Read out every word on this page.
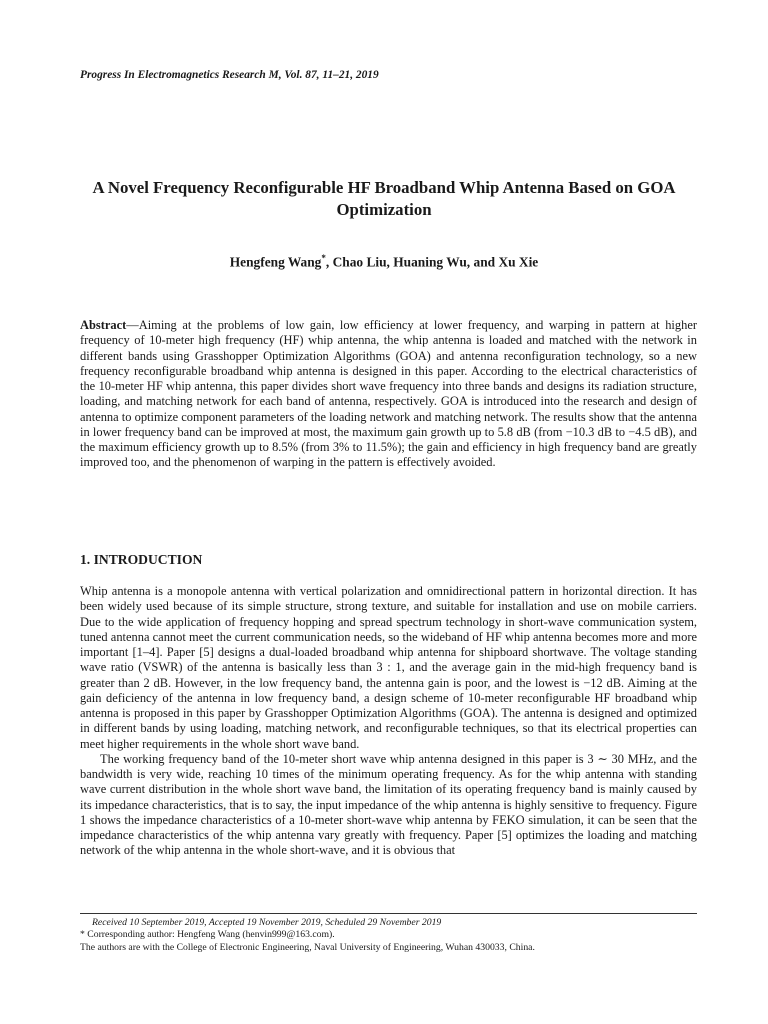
Progress In Electromagnetics Research M, Vol. 87, 11–21, 2019
A Novel Frequency Reconfigurable HF Broadband Whip Antenna Based on GOA Optimization
Hengfeng Wang*, Chao Liu, Huaning Wu, and Xu Xie
Abstract—Aiming at the problems of low gain, low efficiency at lower frequency, and warping in pattern at higher frequency of 10-meter high frequency (HF) whip antenna, the whip antenna is loaded and matched with the network in different bands using Grasshopper Optimization Algorithms (GOA) and antenna reconfiguration technology, so a new frequency reconfigurable broadband whip antenna is designed in this paper. According to the electrical characteristics of the 10-meter HF whip antenna, this paper divides short wave frequency into three bands and designs its radiation structure, loading, and matching network for each band of antenna, respectively. GOA is introduced into the research and design of antenna to optimize component parameters of the loading network and matching network. The results show that the antenna in lower frequency band can be improved at most, the maximum gain growth up to 5.8 dB (from −10.3 dB to −4.5 dB), and the maximum efficiency growth up to 8.5% (from 3% to 11.5%); the gain and efficiency in high frequency band are greatly improved too, and the phenomenon of warping in the pattern is effectively avoided.
1. INTRODUCTION

Whip antenna is a monopole antenna with vertical polarization and omnidirectional pattern in horizontal direction. It has been widely used because of its simple structure, strong texture, and suitable for installation and use on mobile carriers. Due to the wide application of frequency hopping and spread spectrum technology in short-wave communication system, tuned antenna cannot meet the current communication needs, so the wideband of HF whip antenna becomes more and more important [1–4]. Paper [5] designs a dual-loaded broadband whip antenna for shipboard shortwave. The voltage standing wave ratio (VSWR) of the antenna is basically less than 3 : 1, and the average gain in the mid-high frequency band is greater than 2 dB. However, in the low frequency band, the antenna gain is poor, and the lowest is −12 dB. Aiming at the gain deficiency of the antenna in low frequency band, a design scheme of 10-meter reconfigurable HF broadband whip antenna is proposed in this paper by Grasshopper Optimization Algorithms (GOA). The antenna is designed and optimized in different bands by using loading, matching network, and reconfigurable techniques, so that its electrical properties can meet higher requirements in the whole short wave band.

The working frequency band of the 10-meter short wave whip antenna designed in this paper is 3 ∼ 30 MHz, and the bandwidth is very wide, reaching 10 times of the minimum operating frequency. As for the whip antenna with standing wave current distribution in the whole short wave band, the limitation of its operating frequency band is mainly caused by its impedance characteristics, that is to say, the input impedance of the whip antenna is highly sensitive to frequency. Figure 1 shows the impedance characteristics of a 10-meter short-wave whip antenna by FEKO simulation, it can be seen that the impedance characteristics of the whip antenna vary greatly with frequency. Paper [5] optimizes the loading and matching network of the whip antenna in the whole short-wave, and it is obvious that

Received 10 September 2019, Accepted 19 November 2019, Scheduled 29 November 2019
* Corresponding author: Hengfeng Wang (henvin999@163.com).
The authors are with the College of Electronic Engineering, Naval University of Engineering, Wuhan 430033, China.
